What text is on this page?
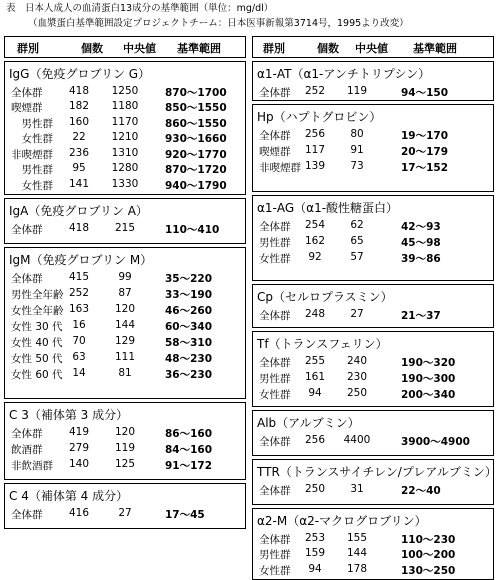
表　日本人成人の血清蛋白13成分の基準範囲（単位：mg/dl）
（血漿蛋白基準範囲設定プロジェクトチーム：日本医事新報第3714号，1995より改変）
群別	個数 中央値 基準範囲
IgG（免疫グロブリン G）
全体群	418	1250	870～1700
喫煙群	182	1180	850～1550
　男性群	160	1170	860～1550
　女性群	22	1210	930～1660
非喫煙群	236	1310	920～1770
　男性群	95	1280	870～1720
　女性群	141	1330	940～1790
IgA（免疫グロブリン A）
全体群	418	215	110～410
IgM（免疫グロブリン M）
全体群	415	99	35～220
男性全年齢 252	87	33～190
女性全年齢 163	120	46～260
女性 30 代 16	144	60～340
女性 40 代 70	129	58～310
女性 50 代 63	111	48～230
女性 60 代 14	81	36～230
C 3（補体第 3 成分）
全体群	419	120	86～160
飲酒群	279	119	84～160
非飲酒群	140	125	91～172
C 4（補体第 4 成分）
全体群	416	27	17～45
群別	個数 中央値 基準範囲
α1-AT（α1-アンチトリプシン）
全体群	252	119	94～150
Hp（ハプトグロビン）
全体群	256	80	19～170
喫煙群	117	91	20～179
非喫煙群 139	73	17～152
α1-AG（α1-酸性糖蛋白）
全体群	254	62	42～93
男性群	162	65	45～98
女性群	92	57	39～86
Cp（セルロプラスミン）
全体群	248	27	21～37
Tf（トランスフェリン）
全体群	255	240	190～320
男性群	161	230	190～300
女性群	94	250	200～340
Alb（アルブミン）
全体群	256	4400	3900～4900
TTR（トランスサイチレン/プレアルブミン）
全体群	250	31	22～40
α2-M（α2-マクログロブリン）
全体群	253	155	110～230
男性群	159	144	100～200
女性群	94	178	130～250
